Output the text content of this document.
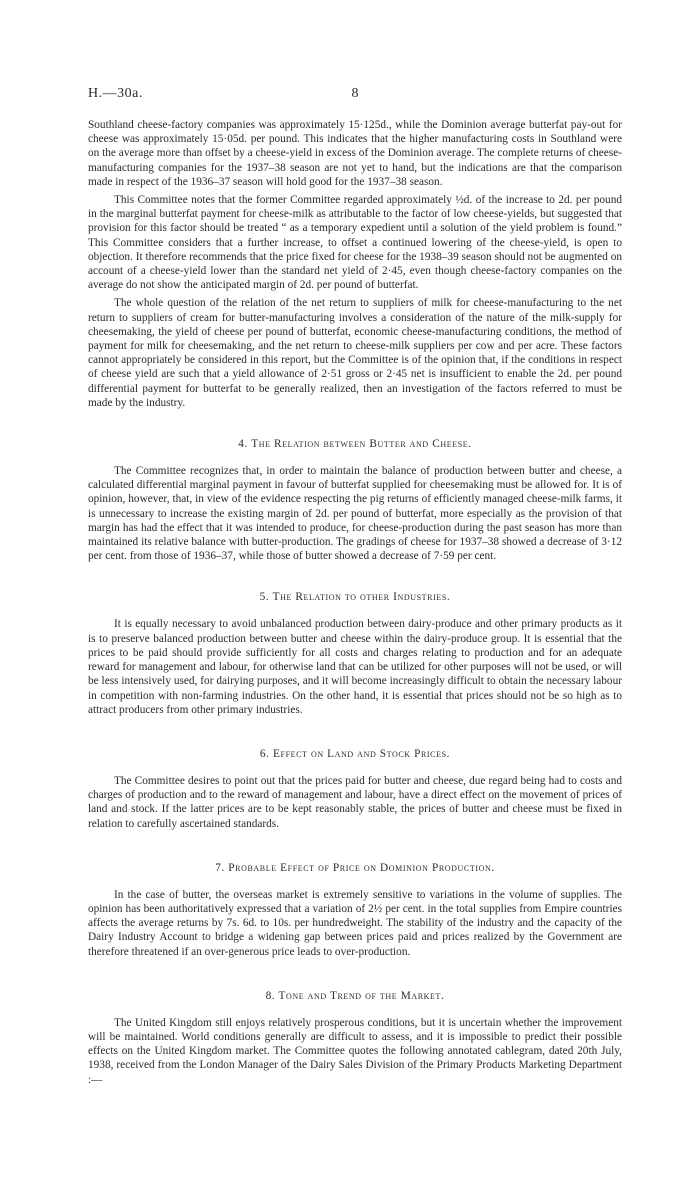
H.—30a.	8

Southland cheese-factory companies was approximately 15·125d., while the Dominion average butterfat pay-out for cheese was approximately 15·05d. per pound. This indicates that the higher manufacturing costs in Southland were on the average more than offset by a cheese-yield in excess of the Dominion average. The complete returns of cheese-manufacturing companies for the 1937–38 season are not yet to hand, but the indications are that the comparison made in respect of the 1936–37 season will hold good for the 1937–38 season.

This Committee notes that the former Committee regarded approximately ½d. of the increase to 2d. per pound in the marginal butterfat payment for cheese-milk as attributable to the factor of low cheese-yields, but suggested that provision for this factor should be treated “ as a temporary expedient until a solution of the yield problem is found.” This Committee considers that a further increase, to offset a continued lowering of the cheese-yield, is open to objection. It therefore recommends that the price fixed for cheese for the 1938–39 season should not be augmented on account of a cheese-yield lower than the standard net yield of 2·45, even though cheese-factory companies on the average do not show the anticipated margin of 2d. per pound of butterfat.

The whole question of the relation of the net return to suppliers of milk for cheese-manufacturing to the net return to suppliers of cream for butter-manufacturing involves a consideration of the nature of the milk-supply for cheesemaking, the yield of cheese per pound of butterfat, economic cheese-manufacturing conditions, the method of payment for milk for cheesemaking, and the net return to cheese-milk suppliers per cow and per acre. These factors cannot appropriately be considered in this report, but the Committee is of the opinion that, if the conditions in respect of cheese yield are such that a yield allowance of 2·51 gross or 2·45 net is insufficient to enable the 2d. per pound differential payment for butterfat to be generally realized, then an investigation of the factors referred to must be made by the industry.

4. The Relation between Butter and Cheese.

The Committee recognizes that, in order to maintain the balance of production between butter and cheese, a calculated differential marginal payment in favour of butterfat supplied for cheesemaking must be allowed for. It is of opinion, however, that, in view of the evidence respecting the pig returns of efficiently managed cheese-milk farms, it is unnecessary to increase the existing margin of 2d. per pound of butterfat, more especially as the provision of that margin has had the effect that it was intended to produce, for cheese-production during the past season has more than maintained its relative balance with butter-production. The gradings of cheese for 1937–38 showed a decrease of 3·12 per cent. from those of 1936–37, while those of butter showed a decrease of 7·59 per cent.

5. The Relation to other Industries.

It is equally necessary to avoid unbalanced production between dairy-produce and other primary products as it is to preserve balanced production between butter and cheese within the dairy-produce group. It is essential that the prices to be paid should provide sufficiently for all costs and charges relating to production and for an adequate reward for management and labour, for otherwise land that can be utilized for other purposes will not be used, or will be less intensively used, for dairying purposes, and it will become increasingly difficult to obtain the necessary labour in competition with non-farming industries. On the other hand, it is essential that prices should not be so high as to attract producers from other primary industries.

6. Effect on Land and Stock Prices.

The Committee desires to point out that the prices paid for butter and cheese, due regard being had to costs and charges of production and to the reward of management and labour, have a direct effect on the movement of prices of land and stock. If the latter prices are to be kept reasonably stable, the prices of butter and cheese must be fixed in relation to carefully ascertained standards.

7. Probable Effect of Price on Dominion Production.

In the case of butter, the overseas market is extremely sensitive to variations in the volume of supplies. The opinion has been authoritatively expressed that a variation of 2½ per cent. in the total supplies from Empire countries affects the average returns by 7s. 6d. to 10s. per hundredweight. The stability of the industry and the capacity of the Dairy Industry Account to bridge a widening gap between prices paid and prices realized by the Government are therefore threatened if an over-generous price leads to over-production.

8. Tone and Trend of the Market.

The United Kingdom still enjoys relatively prosperous conditions, but it is uncertain whether the improvement will be maintained. World conditions generally are difficult to assess, and it is impossible to predict their possible effects on the United Kingdom market. The Committee quotes the following annotated cablegram, dated 20th July, 1938, received from the London Manager of the Dairy Sales Division of the Primary Products Marketing Department :—
